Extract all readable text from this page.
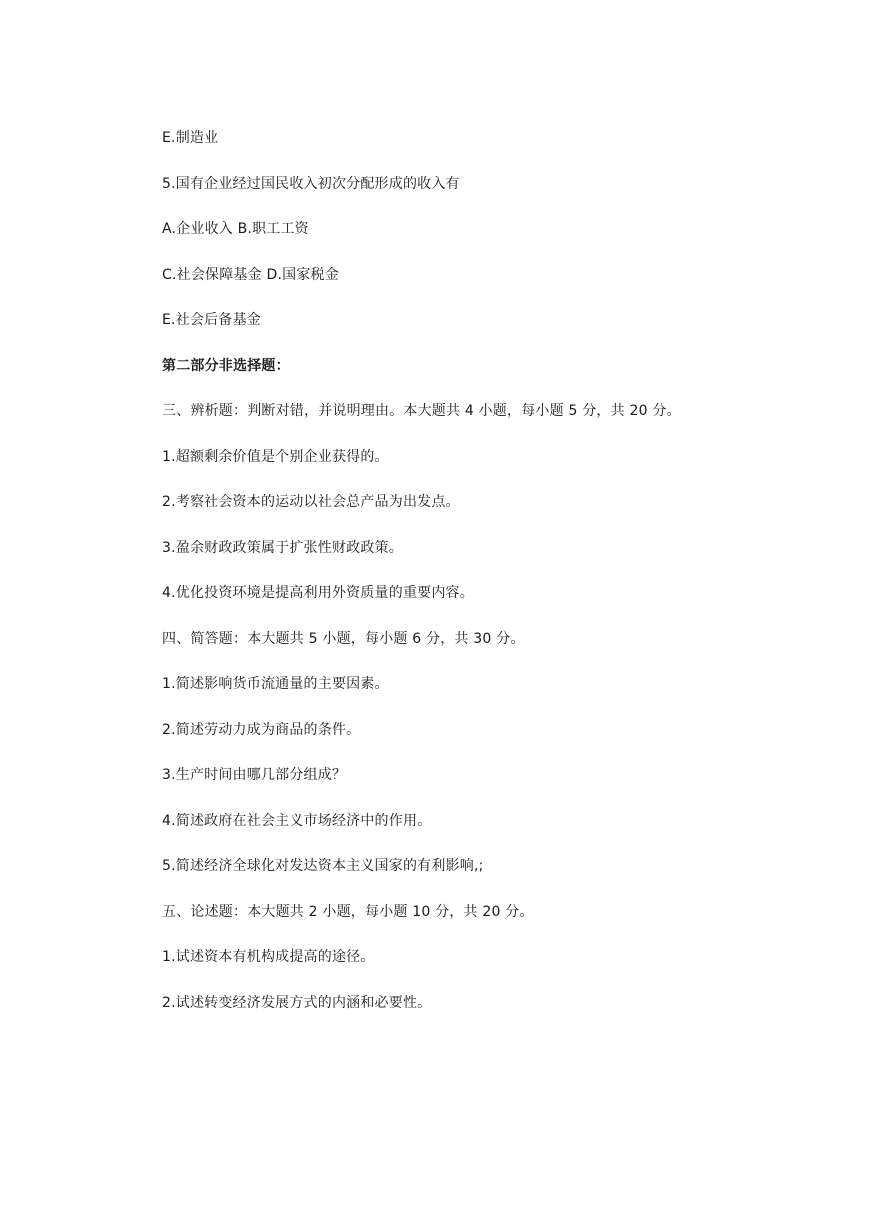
E.制造业
5.国有企业经过国民收入初次分配形成的收入有
A.企业收入 B.职工工资
C.社会保障基金 D.国家税金
E.社会后备基金
第二部分非选择题：
三、辨析题：判断对错，并说明理由。本大题共 4 小题，每小题 5 分，共 20 分。
1.超额剩余价值是个别企业获得的。
2.考察社会资本的运动以社会总产品为出发点。
3.盈余财政政策属于扩张性财政政策。
4.优化投资环境是提高利用外资质量的重要内容。
四、简答题：本大题共 5 小题，每小题 6 分，共 30 分。
1.简述影响货币流通量的主要因素。
2.简述劳动力成为商品的条件。
3.生产时间由哪几部分组成？
4.简述政府在社会主义市场经济中的作用。
5.简述经济全球化对发达资本主义国家的有利影响,;
五、论述题：本大题共 2 小题，每小题 10 分，共 20 分。
1.试述资本有机构成提高的途径。
2.试述转变经济发展方式的内涵和必要性。
